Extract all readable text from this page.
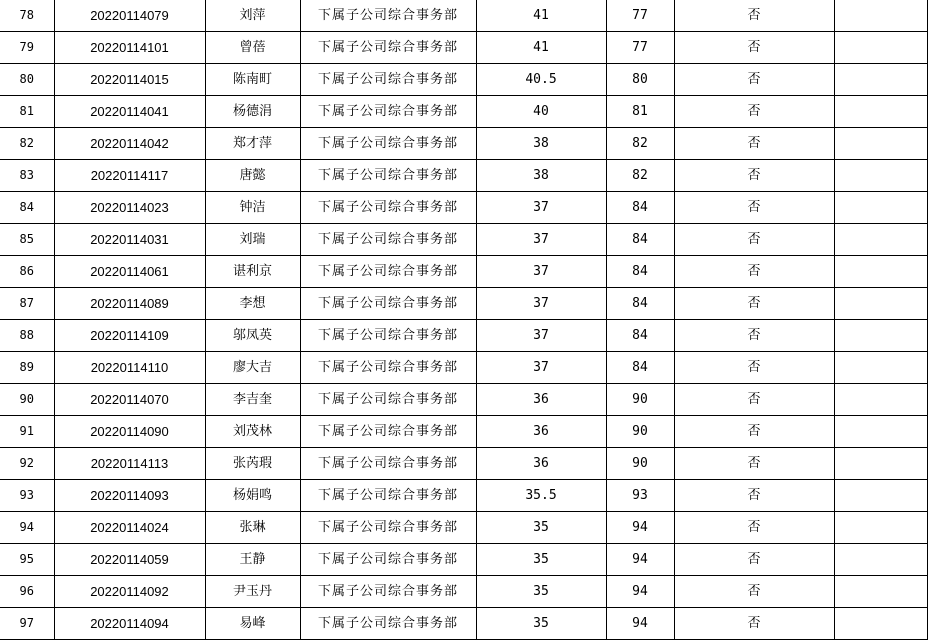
78	20220114079	刘萍	下属子公司综合事务部	41	77	否	
79	20220114101	曾蓓	下属子公司综合事务部	41	77	否	
80	20220114015	陈南町	下属子公司综合事务部	40.5	80	否	
81	20220114041	杨德涓	下属子公司综合事务部	40	81	否	
82	20220114042	郑才萍	下属子公司综合事务部	38	82	否	
83	20220114117	唐懿	下属子公司综合事务部	38	82	否	
84	20220114023	钟洁	下属子公司综合事务部	37	84	否	
85	20220114031	刘瑞	下属子公司综合事务部	37	84	否	
86	20220114061	谌利京	下属子公司综合事务部	37	84	否	
87	20220114089	李想	下属子公司综合事务部	37	84	否	
88	20220114109	邬凤英	下属子公司综合事务部	37	84	否	
89	20220114110	廖大吉	下属子公司综合事务部	37	84	否	
90	20220114070	李吉奎	下属子公司综合事务部	36	90	否	
91	20220114090	刘茂林	下属子公司综合事务部	36	90	否	
92	20220114113	张芮瑕	下属子公司综合事务部	36	90	否	
93	20220114093	杨娟鸣	下属子公司综合事务部	35.5	93	否	
94	20220114024	张琳	下属子公司综合事务部	35	94	否	
95	20220114059	王静	下属子公司综合事务部	35	94	否	
96	20220114092	尹玉丹	下属子公司综合事务部	35	94	否	
97	20220114094	易峰	下属子公司综合事务部	35	94	否	
